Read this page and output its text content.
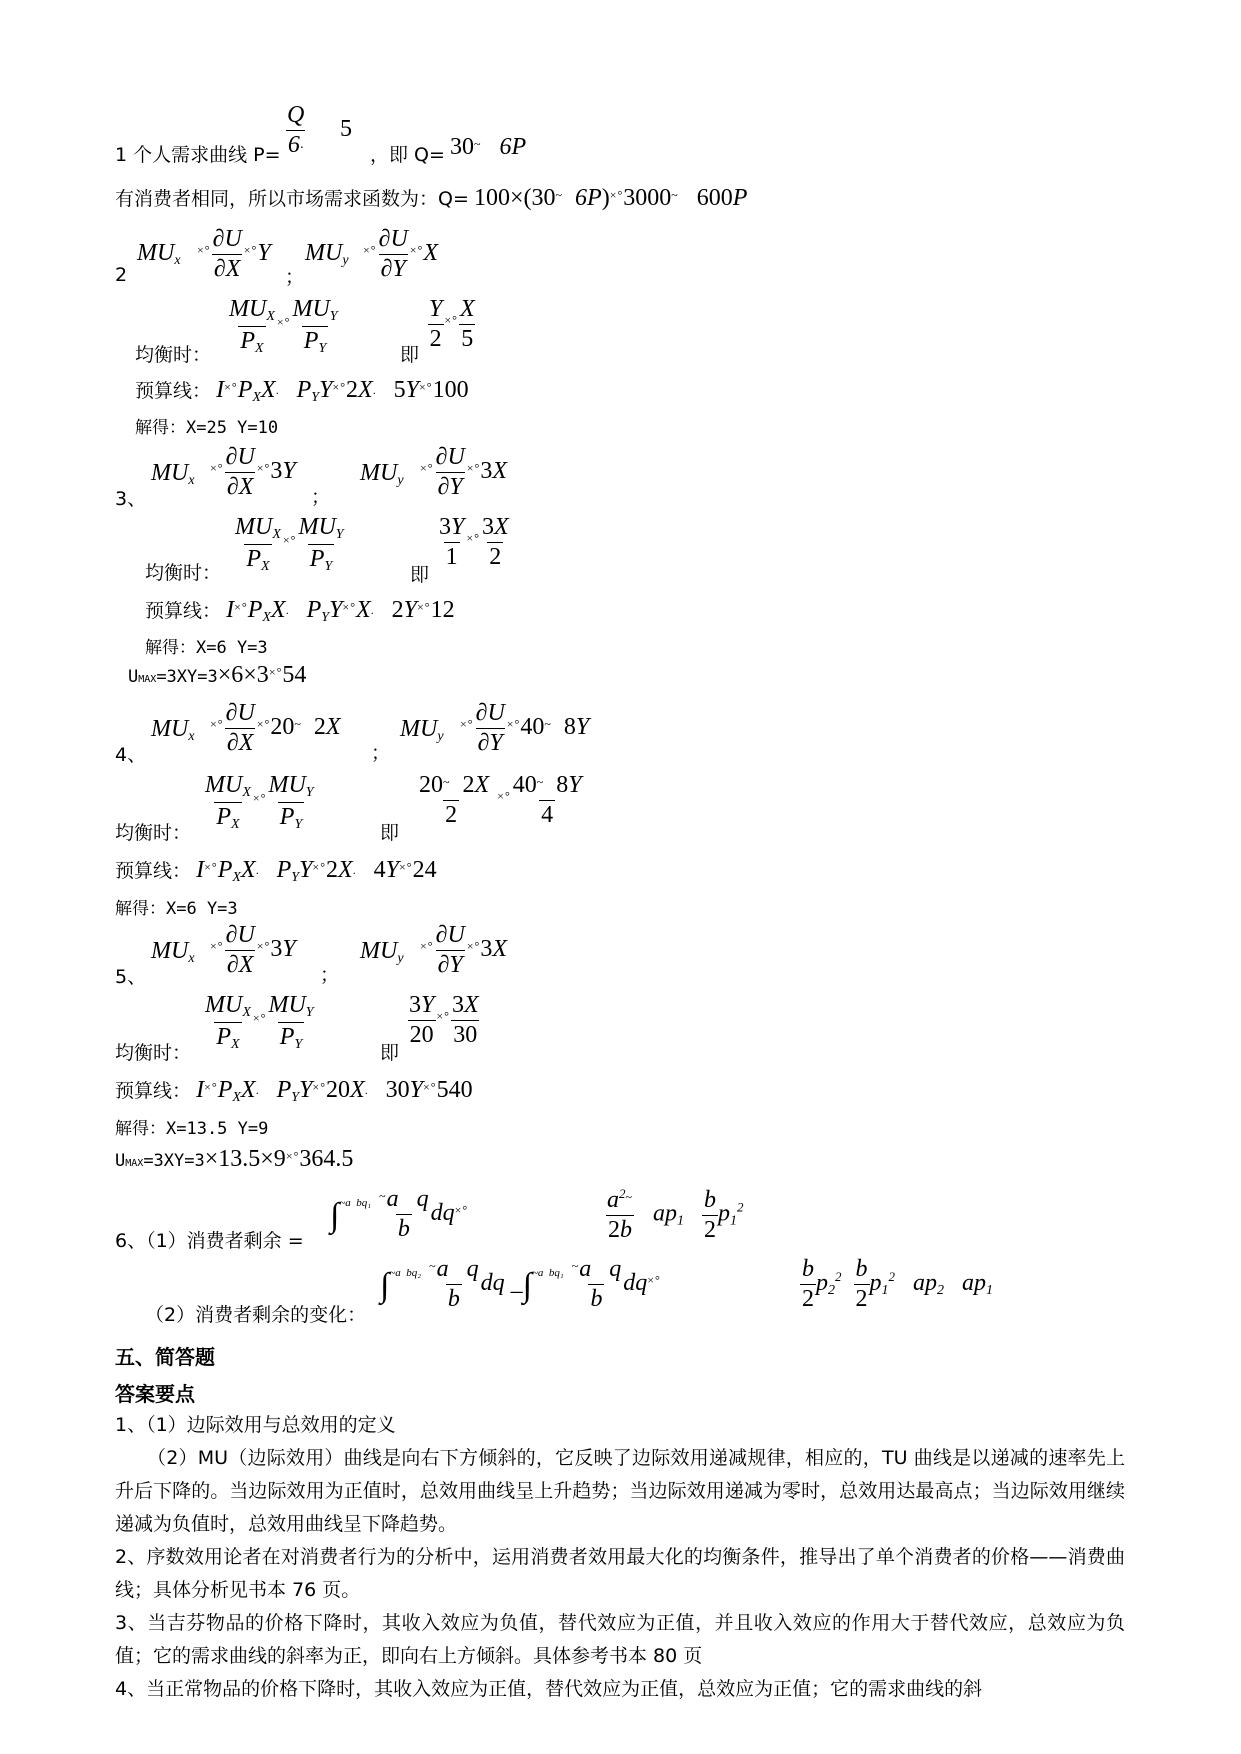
1 个人需求曲线 $P= \frac{Q}{6\cdot} 5$
，即 Q= 30~ 6P
有消费者相同，所以市场需求函数为：Q= 100×(30~ 6P)×°3000~   600P
2
$MU_x$
$^{\times^\circ} \frac{\partial U}{\partial X} ^{\times^\circ}Y$
；
$MU_y$
$^{\times^\circ} \frac{\partial U}{\partial Y} ^{\times^\circ}X$
均衡时： $\frac{MU_X}{P_X} ^{\times^\circ} \frac{MU_Y}{P_Y}$	即
$\frac{Y}{2} ^{\times^\circ} \frac{X}{5}$
预算线： $I^{\times^\circ}P_XX\cdot P_YY^{\times^\circ}2X\cdot 5Y^{\times^\circ}100$
解得：X=25 Y=10
3、
$MU_x$
$^{\times^\circ} \frac{\partial U}{\partial X} ^{\times^\circ}3Y$
；
$MU_y$
$^{\times^\circ} \frac{\partial U}{\partial Y} ^{\times^\circ}3X$
均衡时： $\frac{MU_X}{P_X} ^{\times^\circ} \frac{MU_Y}{P_Y}$	即
$\frac{3Y}{1} ^{\times^\circ} \frac{3X}{2}$
预算线： $I^{\times^\circ}P_XX\cdot P_YY^{\times^\circ}X\cdot 2Y^{\times^\circ}12$
解得：X=6 Y=3
UMAX=3XY=3×6×3×°54
4、
$MU_x$
$^{\times^\circ} \frac{\partial U}{\partial X} ^{\times^\circ}20^\sim$ 2X
；
$MU_y$
$^{\times^\circ} \frac{\partial U}{\partial Y} ^{\times^\circ}40^\sim$ 8Y
均衡时： $\frac{MU_X}{P_X} ^{\times^\circ} \frac{MU_Y}{P_Y}$	即
$\frac{20^\sim 2X}{2} ^{\times^\circ} \frac{40^\sim 8Y}{4}$
预算线： $I^{\times^\circ}P_XX\cdot P_YY^{\times^\circ}2X\cdot 4Y^{\times^\circ}24$
解得：X=6 Y=3
5、
$MU_x$
$^{\times^\circ} \frac{\partial U}{\partial X} ^{\times^\circ}3Y$
；
$MU_y$
$^{\times^\circ} \frac{\partial U}{\partial Y} ^{\times^\circ}3X$
均衡时： $\frac{MU_X}{P_X} ^{\times^\circ} \frac{MU_Y}{P_Y}$	即
$\frac{3Y}{20} ^{\times^\circ} \frac{3X}{30}$
预算线： $I^{\times^\circ}P_XX\cdot P_YY^{\times^\circ}20X\cdot 30Y^{\times^\circ}540$
解得：X=13.5 Y=9
UMAX=3XY=3×13.5×9×°364.5
6、（1）消费者剩余 =
$\int^{\sim a bq_1} \frac{^\sim a q}{b} dq^{\times^\circ}$	$\frac{a^{2\sim}}{2b} ap_1 \frac{b}{2} p_1^2$
（2）消费者剩余的变化：
$\int^{\sim a bq_2} \frac{^\sim a q}{b}$ dq _∫$^{\sim a bq_1}$ $\frac{^\sim a q}{b} dq^{\times^\circ}$	$\frac{b}{2} p_2^2 \frac{b}{2} p_1^2$   $ap_2$   $ap_1$
五、简答题
答案要点
1、（1）边际效用与总效用的定义
（2）MU（边际效用）曲线是向右下方倾斜的，它反映了边际效用递减规律，相应的，TU 曲线是以递减的速率先上升后下降的。当边际效用为正值时，总效用曲线呈上升趋势；当边际效用递减为零时，总效用达最高点；当边际效用继续递减为负值时，总效用曲线呈下降趋势。
2、序数效用论者在对消费者行为的分析中，运用消费者效用最大化的均衡条件，推导出了单个消费者的价格——消费曲线；具体分析见书本 76 页。
3、当吉芬物品的价格下降时，其收入效应为负值，替代效应为正值，并且收入效应的作用大于替代效应，总效应为负值；它的需求曲线的斜率为正，即向右上方倾斜。具体参考书本 80 页
4、当正常物品的价格下降时，其收入效应为正值，替代效应为正值，总效应为正值；它的需求曲线的斜
